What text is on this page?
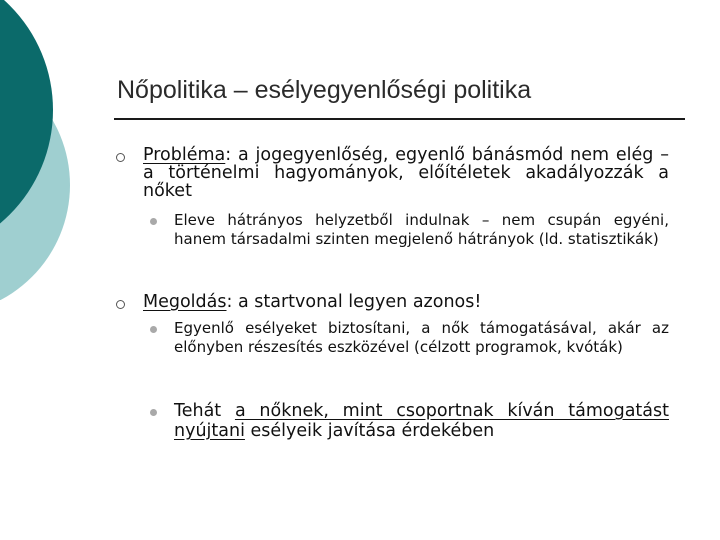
Nőpolitika – esélyegyenlőségi politika
Probléma: a jogegyenlőség, egyenlő bánásmód nem elég – a történelmi hagyományok, előítéletek akadályozzák a nőket
Eleve hátrányos helyzetből indulnak – nem csupán egyéni, hanem társadalmi szinten megjelenő hátrányok (ld. statisztikák)
Megoldás: a startvonal legyen azonos!
Egyenlő esélyeket biztosítani, a nők támogatásával, akár az előnyben részesítés eszközével (célzott programok, kvóták)
Tehát a nőknek, mint csoportnak kíván támogatást nyújtani esélyeik javítása érdekében
